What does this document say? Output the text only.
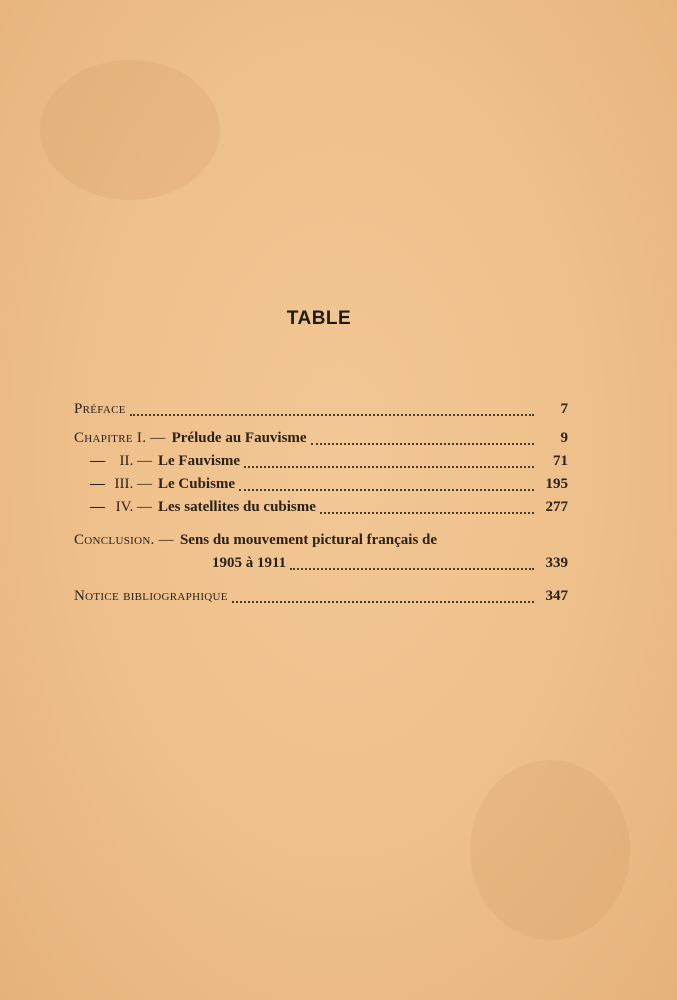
TABLE
Préface	7
Chapitre I. — Prélude au Fauvisme	9
— II. — Le Fauvisme	71
— III. — Le Cubisme	195
— IV. — Les satellites du cubisme	277
Conclusion. — Sens du mouvement pictural français de
1905 à 1911	339
Notice bibliographique	347
